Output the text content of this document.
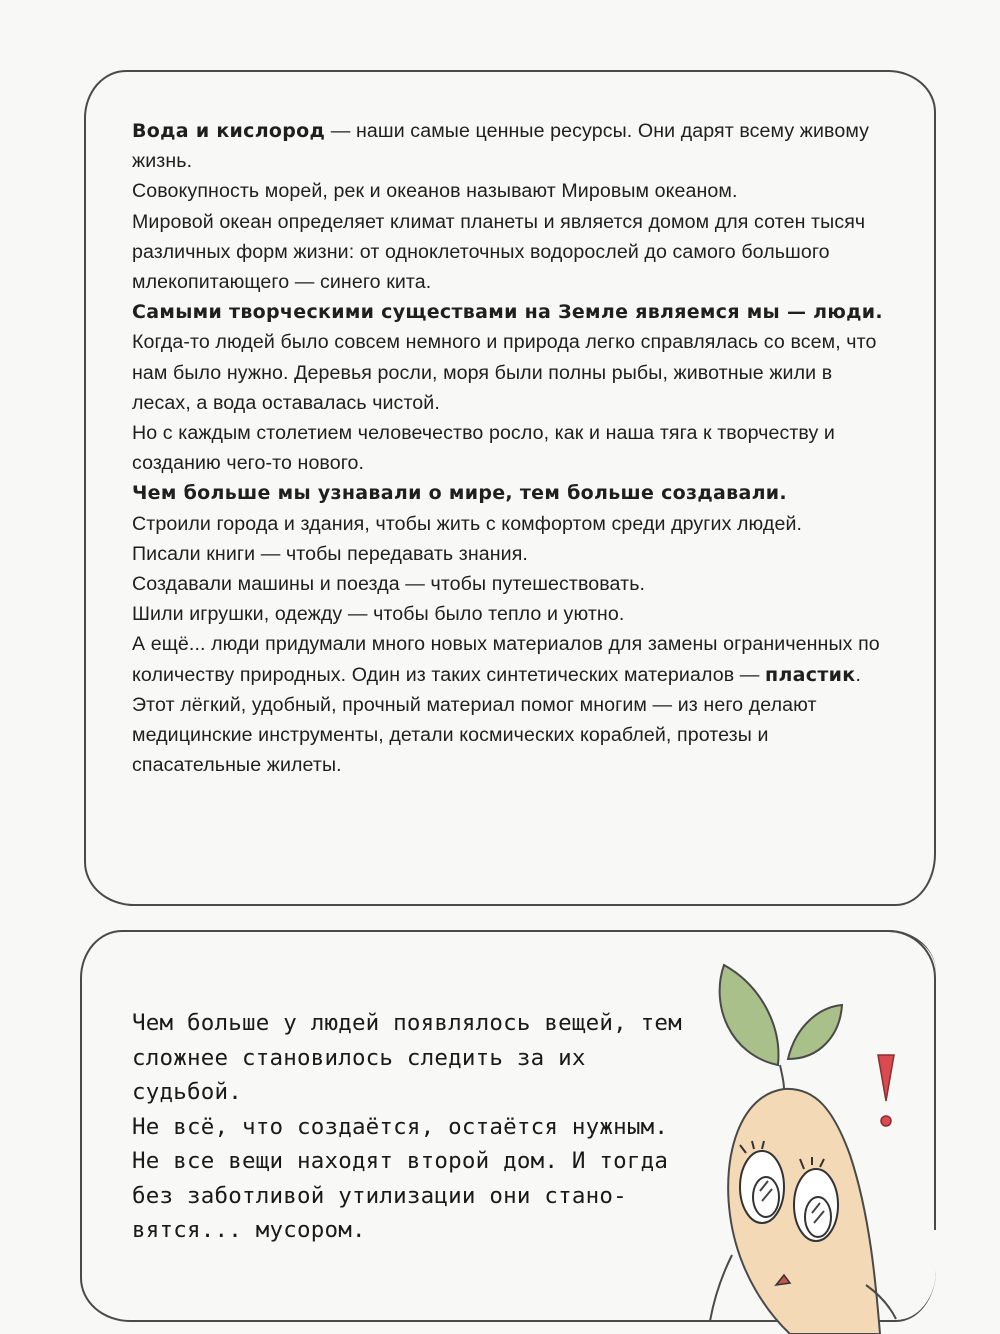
Вода и кислород — наши самые ценные ресурсы. Они дарят всему живому жизнь.

Совокупность морей, рек и океанов называют Мировым океаном.

Мировой океан определяет климат планеты и является домом для сотен тысяч различных форм жизни: от одноклеточных водорослей до самого большого млекопитающего — синего кита.

Самыми творческими существами на Земле являемся мы — люди.

Когда-то людей было совсем немного и природа легко справлялась со всем, что нам было нужно. Деревья росли, моря были полны рыбы, животные жили в лесах, а вода оставалась чистой.

Но с каждым столетием человечество росло, как и наша тяга к творчеству и созданию чего-то нового.

Чем больше мы узнавали о мире, тем больше создавали.

Строили города и здания, чтобы жить с комфортом среди других людей.

Писали книги — чтобы передавать знания.

Создавали машины и поезда — чтобы путешествовать.

Шили игрушки, одежду — чтобы было тепло и уютно.

А ещё... люди придумали много новых материалов для замены ограниченных по количеству природных. Один из таких синтетических материалов — пластик.

Этот лёгкий, удобный, прочный материал помог многим — из него делают медицинские инструменты, детали космических кораблей, протезы и спасательные жилеты.

Чем больше у людей появлялось вещей, тем

сложнее становилось следить за их судьбой.

Не всё, что создаётся, остаётся нужным.

Не все вещи находят второй дом. И тогда

без заботливой утилизации они стано-

вятся... мусором.
